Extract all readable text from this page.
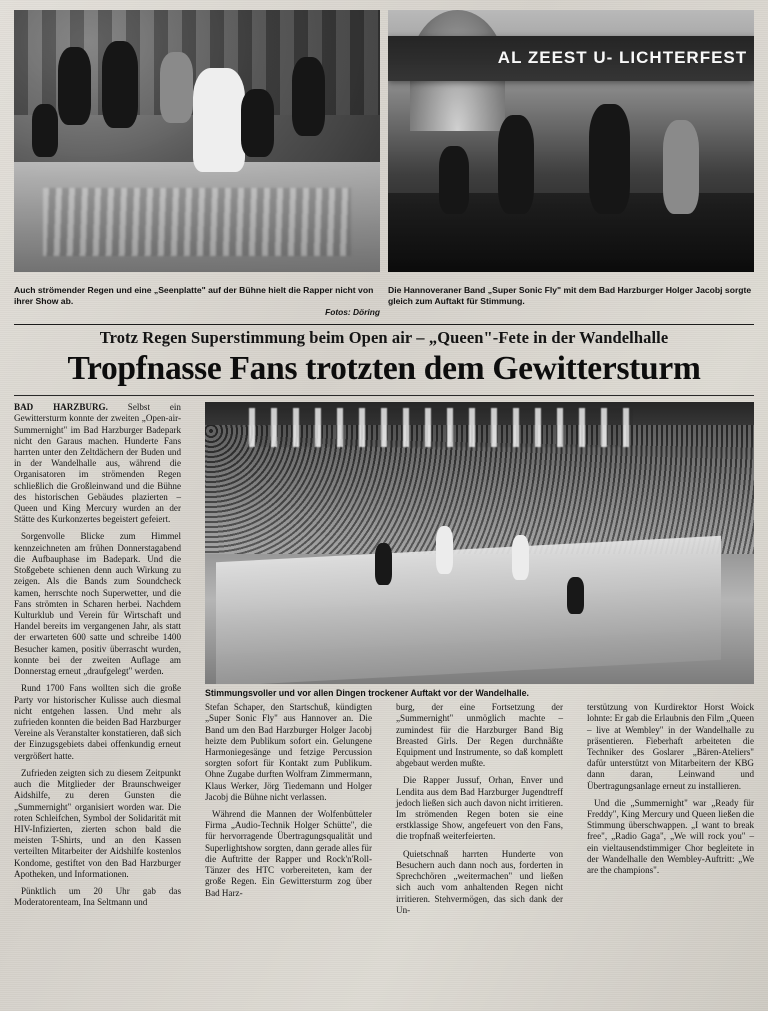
AL ZEEST U- LICHTERFEST
Auch strömender Regen und eine „Seenplatte" auf der Bühne hielt die Rapper nicht von ihrer Show ab.
Fotos: Döring
Die Hannoveraner Band „Super Sonic Fly" mit dem Bad Harzburger Holger Jacobj sorgte gleich zum Auftakt für Stimmung.
Trotz Regen Superstimmung beim Open air – „Queen"-Fete in der Wandelhalle
Tropfnasse Fans trotzten dem Gewittersturm
Stimmungsvoller und vor allen Dingen trockener Auftakt vor der Wandelhalle.

BAD HARZBURG. Selbst ein Gewittersturm konnte der zweiten „Open-air-Summernight" im Bad Harzburger Badepark nicht den Garaus machen. Hunderte Fans harrten unter den Zeltdächern der Buden und in der Wandelhalle aus, während die Organisatoren im strömenden Regen schließlich die Großleinwand und die Bühne des historischen Gebäudes plazierten – Queen und King Mercury wurden an der Stätte des Kurkonzertes begeistert gefeiert.

Sorgenvolle Blicke zum Himmel kennzeichneten am frühen Donnerstagabend die Aufbauphase im Badepark. Und die Stoßgebete schienen denn auch Wirkung zu zeigen. Als die Bands zum Soundcheck kamen, herrschte noch Superwetter, und die Fans strömten in Scharen herbei. Nachdem Kulturklub und Verein für Wirtschaft und Handel bereits im vergangenen Jahr, als statt der erwarteten 600 satte und schreibe 1400 Besucher kamen, positiv überrascht wurden, konnte bei der zweiten Auflage am Donnerstag erneut „draufgelegt" werden.

Rund 1700 Fans wollten sich die große Party vor historischer Kulisse auch diesmal nicht entgehen lassen. Und mehr als zufrieden konnten die beiden Bad Harzburger Vereine als Veranstalter konstatieren, daß sich der Einzugsgebiets dabei offenkundig erneut vergrößert hatte.

Zufrieden zeigten sich zu diesem Zeitpunkt auch die Mitglieder der Braunschweiger Aidshilfe, zu deren Gunsten die „Summernight" organisiert worden war. Die roten Schleifchen, Symbol der Solidarität mit HIV-Infizierten, zierten schon bald die meisten T-Shirts, und an den Kassen verteilten Mitarbeiter der Aidshilfe kostenlos Kondome, gestiftet von den Bad Harzburger Apotheken, und Informationen.

Pünktlich um 20 Uhr gab das Moderatorenteam, Ina Seltmann und

Stefan Schaper, den Startschuß, kündigten „Super Sonic Fly" aus Hannover an. Die Band um den Bad Harzburger Holger Jacobj heizte dem Publikum sofort ein. Gelungene Harmoniegesänge und fetzige Percussion sorgten sofort für Kontakt zum Publikum. Ohne Zugabe durften Wolfram Zimmermann, Klaus Werker, Jörg Tiedemann und Holger Jacobj die Bühne nicht verlassen.

Während die Mannen der Wolfenbütteler Firma „Audio-Technik Holger Schütte", die für hervorragende Übertragungsqualität und Superlightshow sorgten, dann gerade alles für die Auftritte der Rapper und Rock'n'Roll-Tänzer des HTC vorbereiteten, kam der große Regen. Ein Gewittersturm zog über Bad Harz-

burg, der eine Fortsetzung der „Summernight" unmöglich machte – zumindest für die Harzburger Band Big Breasted Girls. Der Regen durchnäßte Equipment und Instrumente, so daß komplett abgebaut werden mußte.

Die Rapper Jussuf, Orhan, Enver und Lendita aus dem Bad Harzburger Jugendtreff jedoch ließen sich auch davon nicht irritieren. Im strömenden Regen boten sie eine erstklassige Show, angefeuert von den Fans, die tropfnaß weiterfeierten.

Quietschnaß harrten Hunderte von Besuchern auch dann noch aus, forderten in Sprechchören „weitermachen" und ließen sich auch vom anhaltenden Regen nicht irritieren. Stehvermögen, das sich dank der Un-

terstützung von Kurdirektor Horst Woick lohnte: Er gab die Erlaubnis den Film „Queen – live at Wembley" in der Wandelhalle zu präsentieren. Fieberhaft arbeiteten die Techniker des Goslarer „Bären-Ateliers" dafür unterstützt von Mitarbeitern der KBG dann daran, Leinwand und Übertragungsanlage erneut zu installieren.

Und die „Summernight" war „Ready für Freddy", King Mercury und Queen ließen die Stimmung überschwappen. „I want to break free", „Radio Gaga", „We will rock you" – ein vieltausendstimmiger Chor begleitete in der Wandelhalle den Wembley-Auftritt: „We are the champions".
